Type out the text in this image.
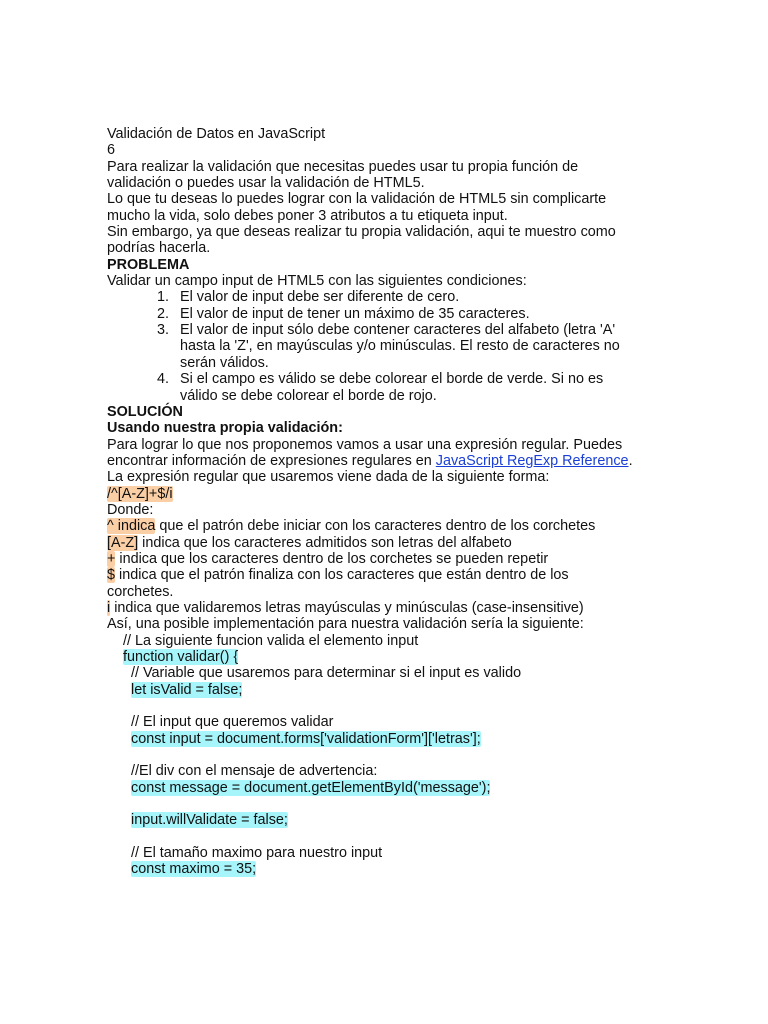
Validación de Datos en JavaScript
6
Para realizar la validación que necesitas puedes usar tu propia función de
validación o puedes usar la validación de HTML5.
Lo que tu deseas lo puedes lograr con la validación de HTML5 sin complicarte
mucho la vida, solo debes poner 3 atributos a tu etiqueta input.
Sin embargo, ya que deseas realizar tu propia validación, aqui te muestro como
podrías hacerla.
PROBLEMA
Validar un campo input de HTML5 con las siguientes condiciones:
1. El valor de input debe ser diferente de cero.
2. El valor de input de tener un máximo de 35 caracteres.
3. El valor de input sólo debe contener caracteres del alfabeto (letra 'A'
hasta la 'Z', en mayúsculas y/o minúsculas. El resto de caracteres no
serán válidos.
4. Si el campo es válido se debe colorear el borde de verde. Si no es
válido se debe colorear el borde de rojo.
SOLUCIÓN
Usando nuestra propia validación:
Para lograr lo que nos proponemos vamos a usar una expresión regular. Puedes
encontrar información de expresiones regulares en JavaScript RegExp Reference.
La expresión regular que usaremos viene dada de la siguiente forma:
/^[A-Z]+$/i
Donde:
^ indica que el patrón debe iniciar con los caracteres dentro de los corchetes
[A-Z] indica que los caracteres admitidos son letras del alfabeto
+ indica que los caracteres dentro de los corchetes se pueden repetir
$ indica que el patrón finaliza con los caracteres que están dentro de los
corchetes.
i indica que validaremos letras mayúsculas y minúsculas (case-insensitive)
Así, una posible implementación para nuestra validación sería la siguiente:
// La siguiente funcion valida el elemento input
function validar() {
// Variable que usaremos para determinar si el input es valido
let isValid = false;
// El input que queremos validar
const input = document.forms['validationForm']['letras'];
//El div con el mensaje de advertencia:
const message = document.getElementById('message');
input.willValidate = false;
// El tamaño maximo para nuestro input
const maximo = 35;
